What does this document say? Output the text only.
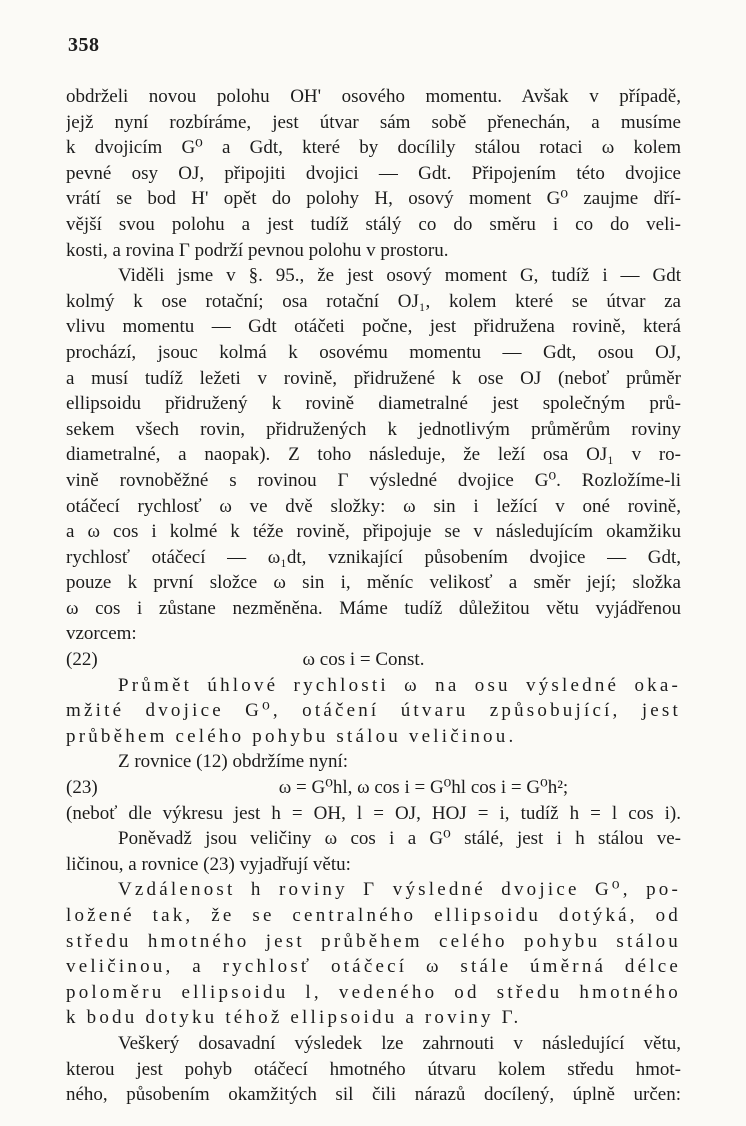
358
obdrželi novou polohu OH' osového momentu. Avšak v případě,
jejž nyní rozbíráme, jest útvar sám sobě přenechán, a musíme
k dvojicím G⁰ a Gdt, které by docílily stálou rotaci ω kolem
pevné osy OJ, připojiti dvojici — Gdt. Připojením této dvojice
vrátí se bod H' opět do polohy H, osový moment G⁰ zaujme dří-
vější svou polohu a jest tudíž stálý co do směru i co do veli-
kosti, a rovina Γ podrží pevnou polohu v prostoru.
Viděli jsme v §. 95., že jest osový moment G, tudíž i — Gdt
kolmý k ose rotační; osa rotační OJ₁, kolem které se útvar za
vlivu momentu — Gdt otáčeti počne, jest přidružena rovině, která
prochází, jsouc kolmá k osovému momentu — Gdt, osou OJ,
a musí tudíž ležeti v rovině, přidružené k ose OJ (neboť průměr
ellipsoidu přidružený k rovině diametralné jest společným prů-
sekem všech rovin, přidružených k jednotlivým průměrům roviny
diametralné, a naopak). Z toho následuje, že leží osa OJ₁ v ro-
vině rovnoběžné s rovinou Γ výsledné dvojice G⁰. Rozložíme-li
otáčecí rychlosť ω ve dvě složky: ω sin i ležící v oné rovině,
a ω cos i kolmé k téže rovině, připojuje se v následujícím okamžiku
rychlosť otáčecí — ω₁dt, vznikající působením dvojice — Gdt,
pouze k první složce ω sin i, měníc velikosť a směr její; složka
ω cos i zůstane nezměněna. Máme tudíž důležitou větu vyjádřenou
vzorcem:
(22)	ω cos i = Const.
Průmět úhlové rychlosti ω na osu výsledné oka-
mžité dvojice G⁰, otáčení útvaru způsobující, jest
průběhem celého pohybu stálou veličinou.
Z rovnice (12) obdržíme nyní:
(23)	ω = G⁰hl, ω cos i = G⁰hl cos i = G⁰h²;
(neboť dle výkresu jest h = OH, l = OJ, HOJ = i, tudíž h = l cos i).
Poněvadž jsou veličiny ω cos i a G⁰ stálé, jest i h stálou ve-
ličinou, a rovnice (23) vyjadřují větu:
Vzdálenost h roviny Γ výsledné dvojice G⁰, po-
ložené tak, že se centralného ellipsoidu dotýká, od
středu hmotného jest průběhem celého pohybu stálou
veličinou, a rychlosť otáčecí ω stále úměrná délce
poloměru ellipsoidu l, vedeného od středu hmotného
k bodu dotyku téhož ellipsoidu a roviny Γ.
Veškerý dosavadní výsledek lze zahrnouti v následující větu,
kterou jest pohyb otáčecí hmotného útvaru kolem středu hmot-
ného, působením okamžitých sil čili nárazů docílený, úplně určen:
